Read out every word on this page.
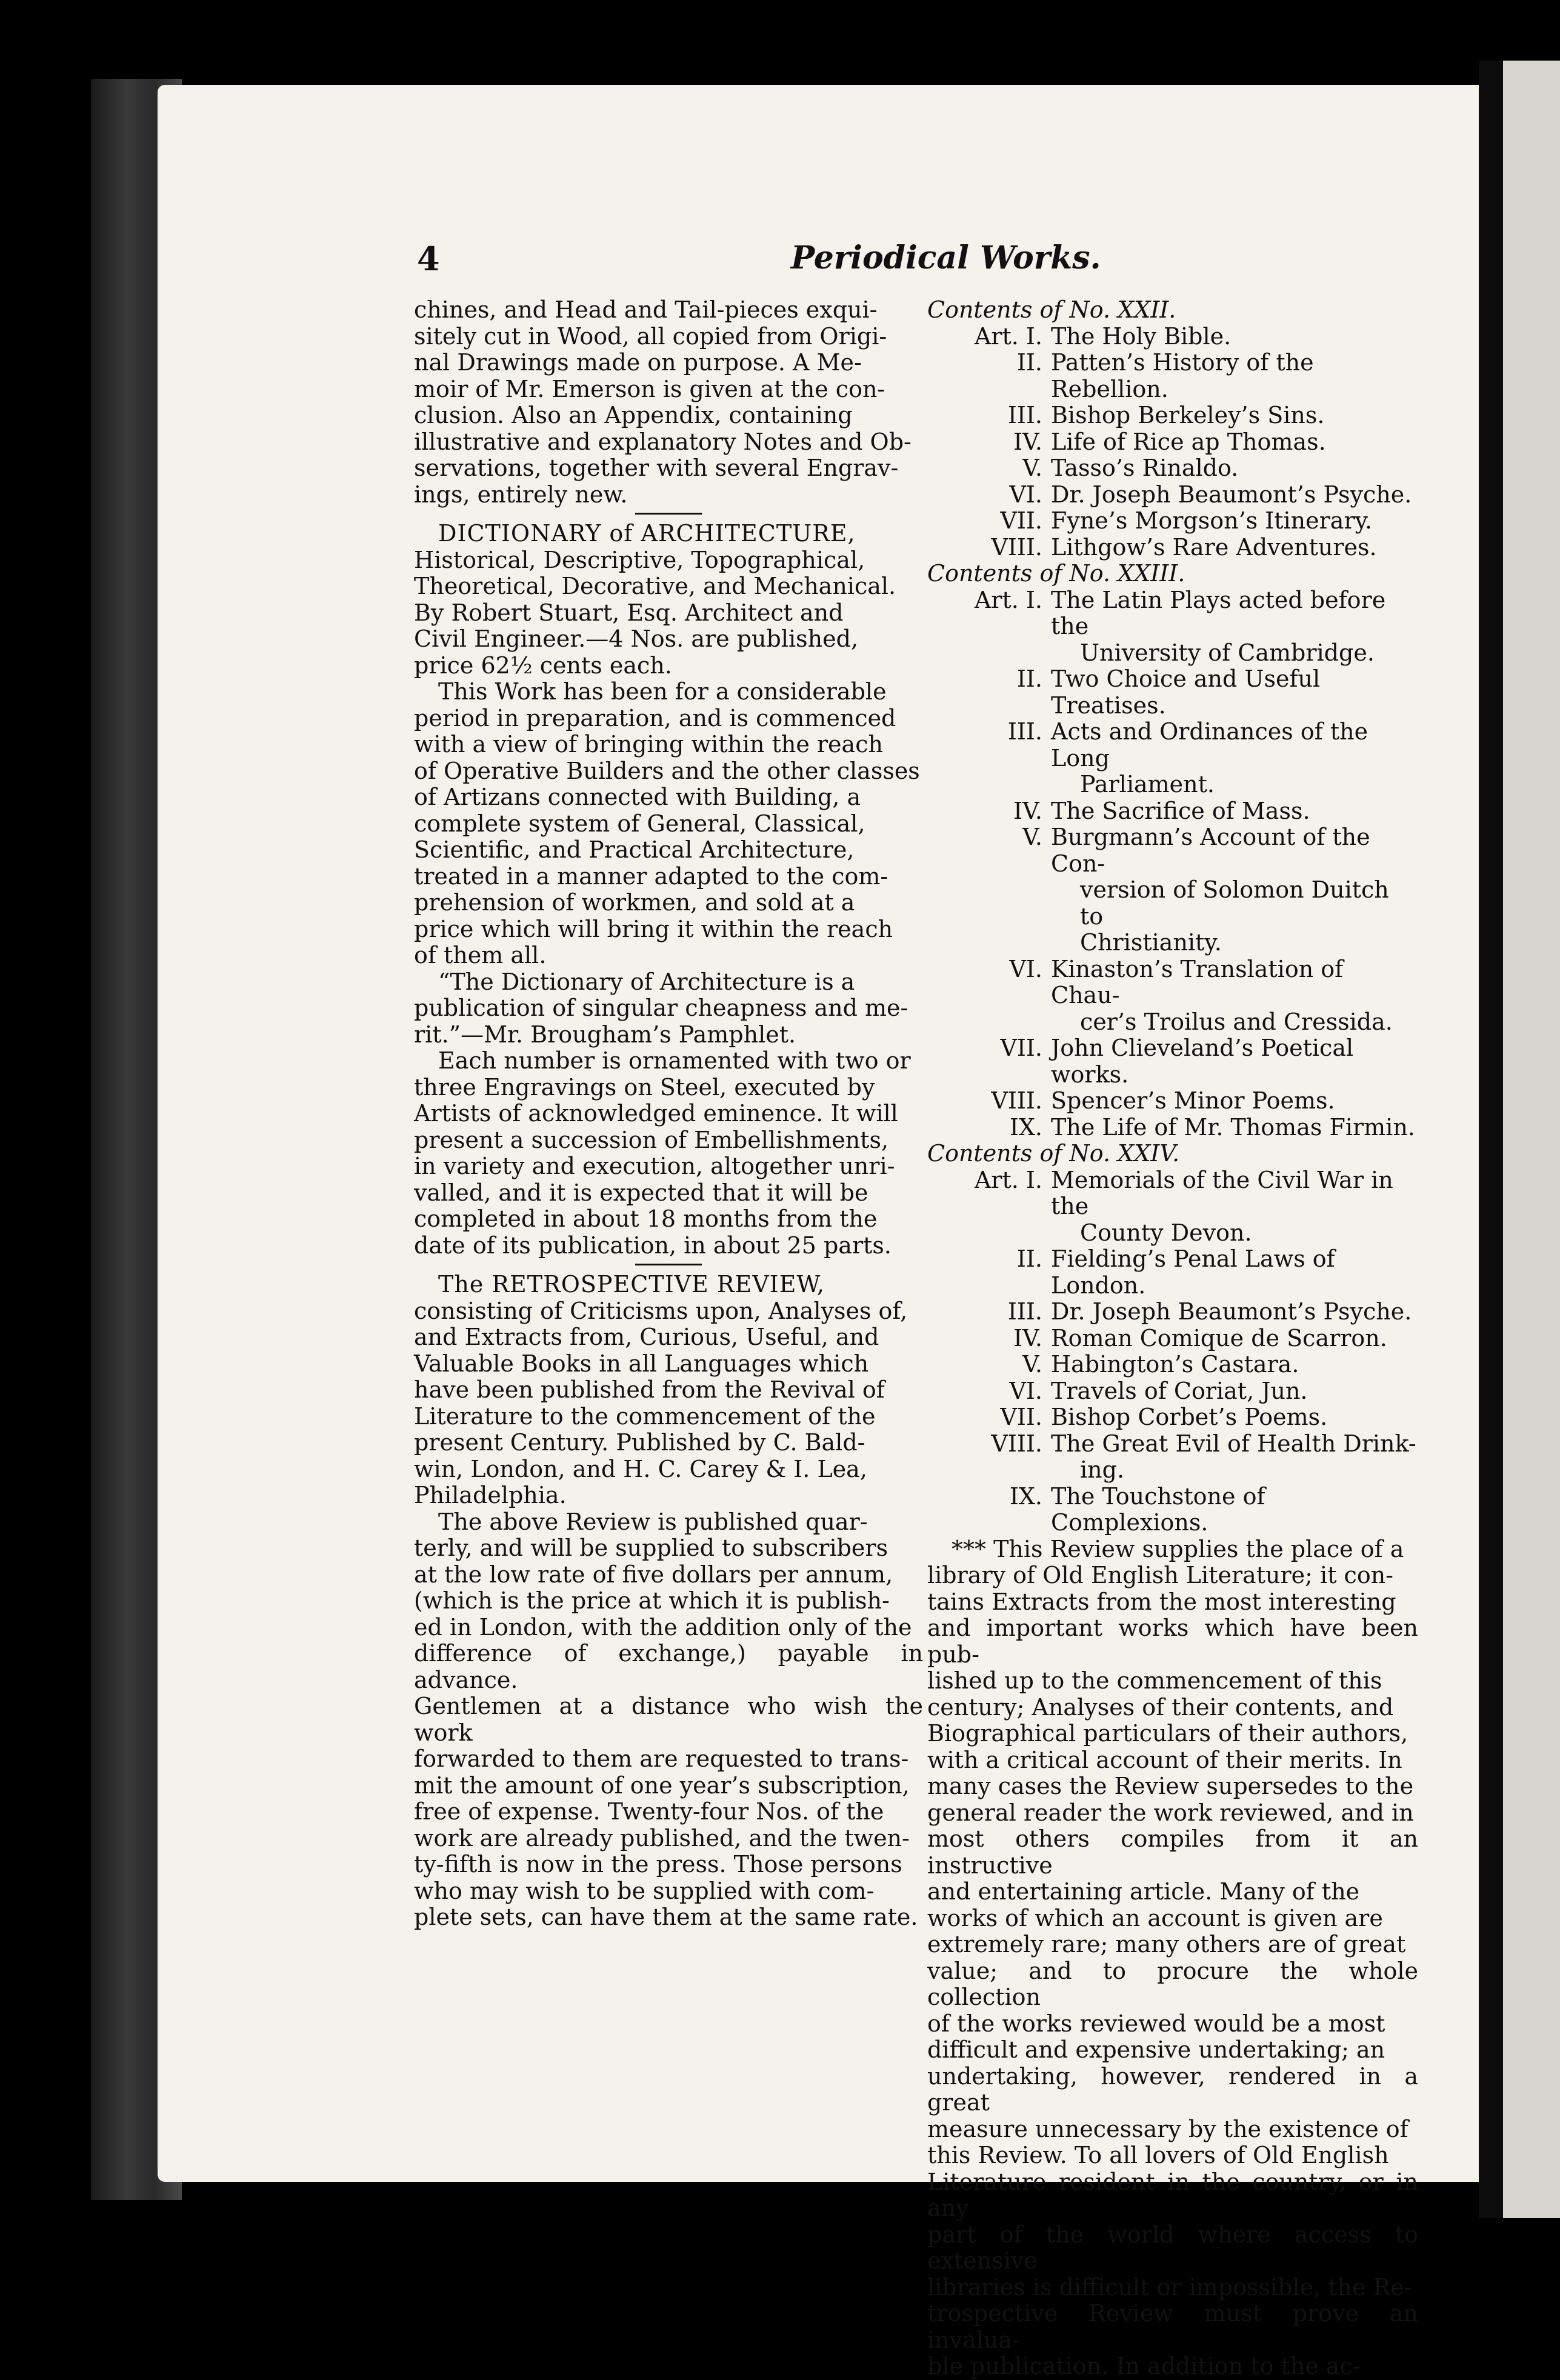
4	Periodical Works.

chines, and Head and Tail-pieces exqui-

sitely cut in Wood, all copied from Origi-

nal Drawings made on purpose. A Me-

moir of Mr. Emerson is given at the con-

clusion. Also an Appendix, containing

illustrative and explanatory Notes and Ob-

servations, together with several Engrav-

ings, entirely new.

DICTIONARY of ARCHITECTURE,

Historical, Descriptive, Topographical,

Theoretical, Decorative, and Mechanical.

By Robert Stuart, Esq. Architect and

Civil Engineer.—4 Nos. are published,

price 62½ cents each.

This Work has been for a considerable

period in preparation, and is commenced

with a view of bringing within the reach

of Operative Builders and the other classes

of Artizans connected with Building, a

complete system of General, Classical,

Scientific, and Practical Architecture,

treated in a manner adapted to the com-

prehension of workmen, and sold at a

price which will bring it within the reach

of them all.

“The Dictionary of Architecture is a

publication of singular cheapness and me-

rit.”—Mr. Brougham’s Pamphlet.

Each number is ornamented with two or

three Engravings on Steel, executed by

Artists of acknowledged eminence. It will

present a succession of Embellishments,

in variety and execution, altogether unri-

valled, and it is expected that it will be

completed in about 18 months from the

date of its publication, in about 25 parts.

The RETROSPECTIVE REVIEW,

consisting of Criticisms upon, Analyses of,

and Extracts from, Curious, Useful, and

Valuable Books in all Languages which

have been published from the Revival of

Literature to the commencement of the

present Century. Published by C. Bald-

win, London, and H. C. Carey & I. Lea,

Philadelphia.

The above Review is published quar-

terly, and will be supplied to subscribers

at the low rate of five dollars per annum,

(which is the price at which it is publish-

ed in London, with the addition only of the

difference of exchange,) payable in advance.

Gentlemen at a distance who wish the work

forwarded to them are requested to trans-

mit the amount of one year’s subscription,

free of expense. Twenty-four Nos. of the

work are already published, and the twen-

ty-fifth is now in the press. Those persons

who may wish to be supplied with com-

plete sets, can have them at the same rate.

Contents of No. XXII.

Art. I. The Holy Bible.
II. Patten’s History of the Rebellion.
III. Bishop Berkeley’s Sins.
IV. Life of Rice ap Thomas.
V. Tasso’s Rinaldo.
VI. Dr. Joseph Beaumont’s Psyche.
VII. Fyne’s Morgson’s Itinerary.
VIII. Lithgow’s Rare Adventures.

Contents of No. XXIII.

Art. I. The Latin Plays acted before the
University of Cambridge.
II. Two Choice and Useful Treatises.
III. Acts and Ordinances of the Long
Parliament.
IV. The Sacrifice of Mass.
V. Burgmann’s Account of the Con-
version of Solomon Duitch to
Christianity.
VI. Kinaston’s Translation of Chau-
cer’s Troilus and Cressida.
VII. John Clieveland’s Poetical works.
VIII. Spencer’s Minor Poems.
IX. The Life of Mr. Thomas Firmin.

Contents of No. XXIV.

Art. I. Memorials of the Civil War in the
County Devon.
II. Fielding’s Penal Laws of London.
III. Dr. Joseph Beaumont’s Psyche.
IV. Roman Comique de Scarron.
V. Habington’s Castara.
VI. Travels of Coriat, Jun.
VII. Bishop Corbet’s Poems.
VIII. The Great Evil of Health Drink-
ing.
IX. The Touchstone of Complexions.

*** This Review supplies the place of a

library of Old English Literature; it con-

tains Extracts from the most interesting

and important works which have been pub-

lished up to the commencement of this

century; Analyses of their contents, and

Biographical particulars of their authors,

with a critical account of their merits. In

many cases the Review supersedes to the

general reader the work reviewed, and in

most others compiles from it an instructive

and entertaining article. Many of the

works of which an account is given are

extremely rare; many others are of great

value; and to procure the whole collection

of the works reviewed would be a most

difficult and expensive undertaking; an

undertaking, however, rendered in a great

measure unnecessary by the existence of

this Review. To all lovers of Old English

Literature resident in the country, or in any

part of the world where access to extensive

libraries is difficult or impossible, the Re-

trospective Review must prove an invalua-

ble publication. In addition to the ac-
